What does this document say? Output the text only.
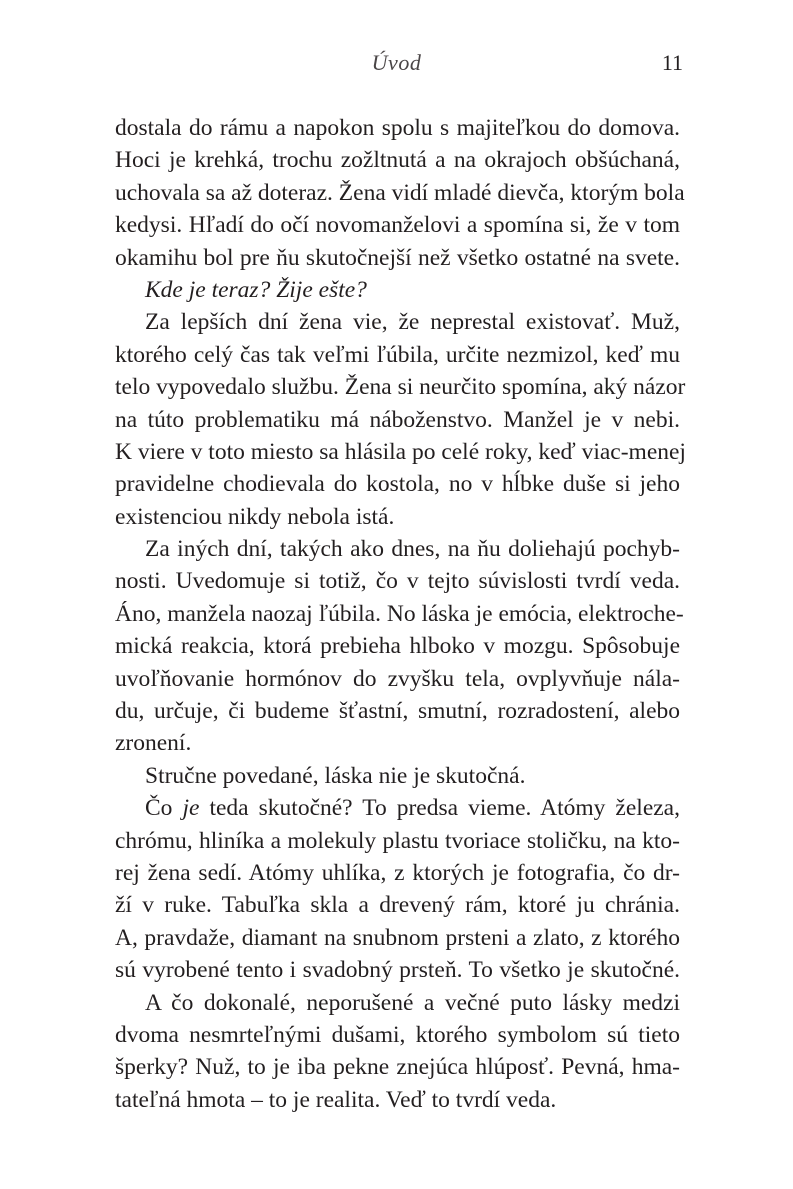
Úvod	11
dostala do rámu a napokon spolu s majiteľkou do domova.
Hoci je krehká, trochu zožltnutá a na okrajoch obšúchaná,
uchovala sa až doteraz. Žena vidí mladé dievča, ktorým bola
kedysi. Hľadí do očí novomanželovi a spomína si, že v tom
okamihu bol pre ňu skutočnejší než všetko ostatné na svete.
Kde je teraz? Žije ešte?
Za lepších dní žena vie, že neprestal existovať. Muž,
ktorého celý čas tak veľmi ľúbila, určite nezmizol, keď mu
telo vypovedalo službu. Žena si neurčito spomína, aký názor
na túto problematiku má náboženstvo. Manžel je v nebi.
K viere v toto miesto sa hlásila po celé roky, keď viac-menej
pravidelne chodievala do kostola, no v hĺbke duše si jeho
existenciou nikdy nebola istá.
Za iných dní, takých ako dnes, na ňu doliehajú pochyb-
nosti. Uvedomuje si totiž, čo v tejto súvislosti tvrdí veda.
Áno, manžela naozaj ľúbila. No láska je emócia, elektroche-
mická reakcia, ktorá prebieha hlboko v mozgu. Spôsobuje
uvoľňovanie hormónov do zvyšku tela, ovplyvňuje nála-
du, určuje, či budeme šťastní, smutní, rozradostení, alebo
zronení.
Stručne povedané, láska nie je skutočná.
Čo je teda skutočné? To predsa vieme. Atómy železa,
chrómu, hliníka a molekuly plastu tvoriace stoličku, na kto-
rej žena sedí. Atómy uhlíka, z ktorých je fotografia, čo dr-
ží v ruke. Tabuľka skla a drevený rám, ktoré ju chránia.
A, pravdaže, diamant na snubnom prsteni a zlato, z ktorého
sú vyrobené tento i svadobný prsteň. To všetko je skutočné.
A čo dokonalé, neporušené a večné puto lásky medzi
dvoma nesmrteľnými dušami, ktorého symbolom sú tieto
šperky? Nuž, to je iba pekne znejúca hlúposť. Pevná, hma-
tateľná hmota – to je realita. Veď to tvrdí veda.
